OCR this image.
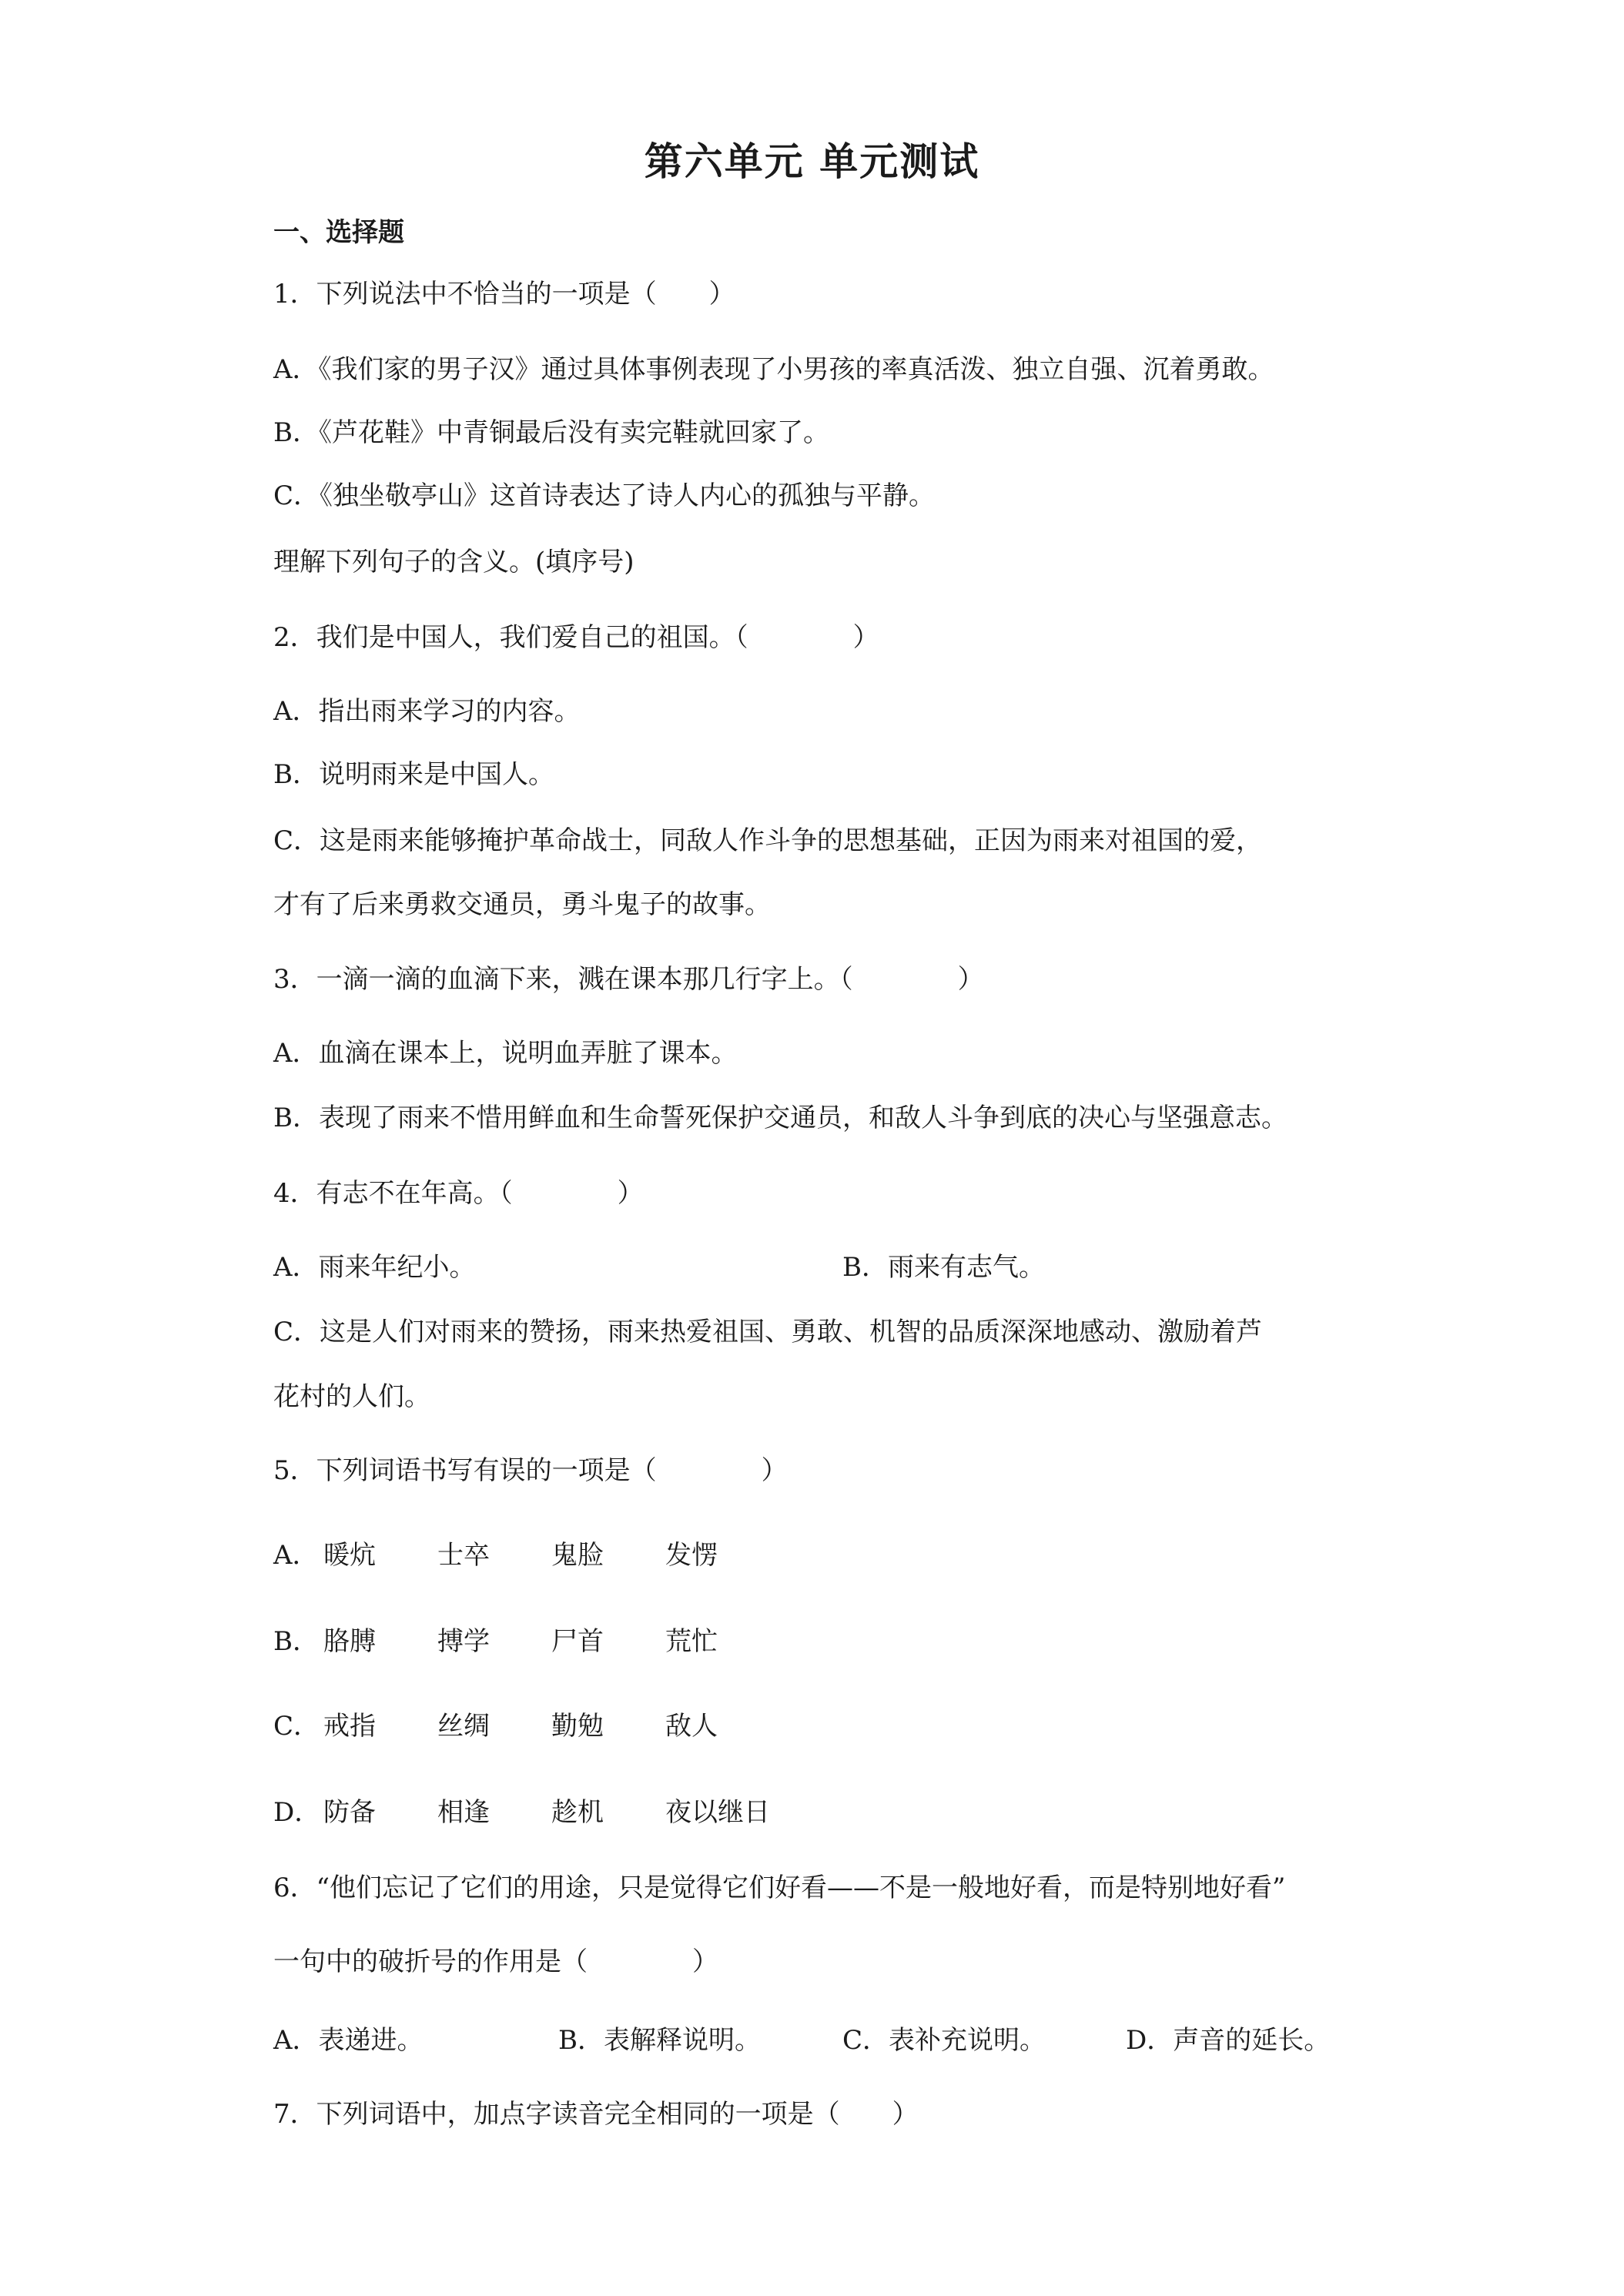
第六单元 单元测试
一、选择题
1．下列说法中不恰当的一项是（　　）
A．《我们家的男子汉》通过具体事例表现了小男孩的率真活泼、独立自强、沉着勇敢。
B．《芦花鞋》中青铜最后没有卖完鞋就回家了。
C．《独坐敬亭山》这首诗表达了诗人内心的孤独与平静。
理解下列句子的含义。(填序号)
2．我们是中国人，我们爱自己的祖国。（　　　　）
A．指出雨来学习的内容。
B．说明雨来是中国人。
C．这是雨来能够掩护革命战士，同敌人作斗争的思想基础，正因为雨来对祖国的爱，
才有了后来勇救交通员，勇斗鬼子的故事。
3．一滴一滴的血滴下来，溅在课本那几行字上。（　　　　）
A．血滴在课本上，说明血弄脏了课本。
B．表现了雨来不惜用鲜血和生命誓死保护交通员，和敌人斗争到底的决心与坚强意志。
4．有志不在年高。（　　　　）
A．雨来年纪小。	B．雨来有志气。
C．这是人们对雨来的赞扬，雨来热爱祖国、勇敢、机智的品质深深地感动、激励着芦
花村的人们。
5．下列词语书写有误的一项是（　　　　）
A． 暖炕 士卒 鬼脸 发愣
B． 胳膊 搏学 尸首 荒忙
C． 戒指 丝绸 勤勉 敌人
D． 防备 相逢 趁机 夜以继日
6．“他们忘记了它们的用途，只是觉得它们好看——不是一般地好看，而是特别地好看”
一句中的破折号的作用是（　　　　）
A．表递进。	B．表解释说明。	C．表补充说明。	D．声音的延长。
7．下列词语中，加点字读音完全相同的一项是（　　）
